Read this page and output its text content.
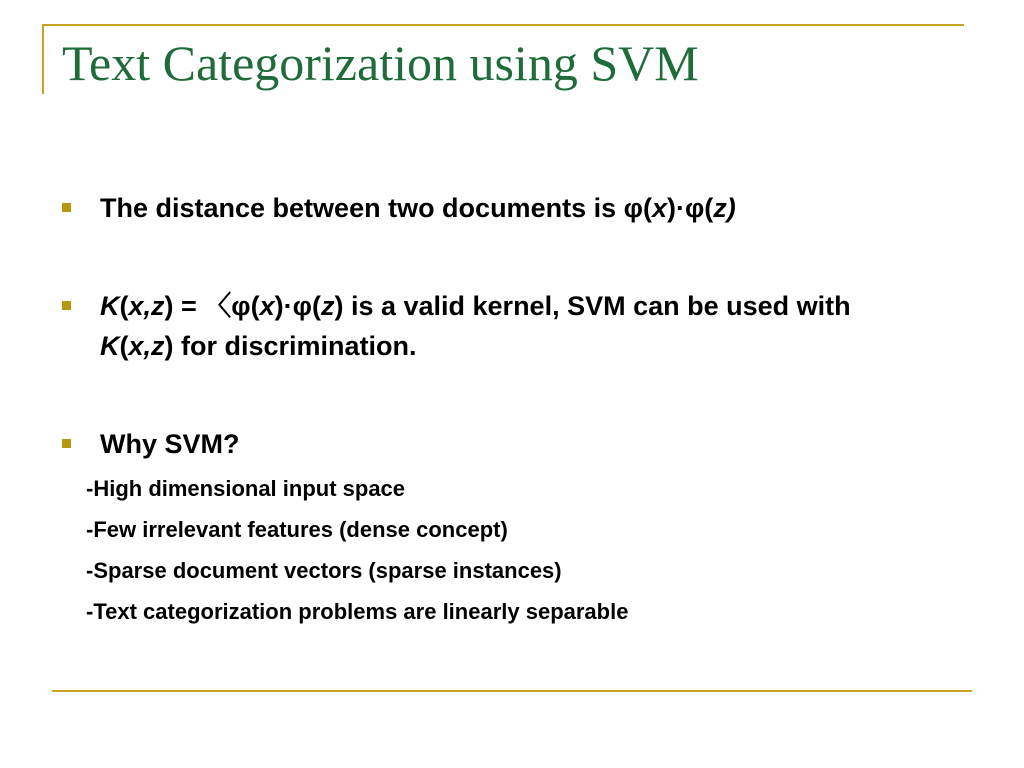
Text Categorization using SVM
The distance between two documents is φ(x)·φ(z)
K(x,z) = 〈φ(x)·φ(z) is a valid kernel, SVM can be used with K(x,z) for discrimination.
Why SVM?
-High dimensional input space
-Few irrelevant features (dense concept)
-Sparse document vectors (sparse instances)
-Text categorization problems are linearly separable
